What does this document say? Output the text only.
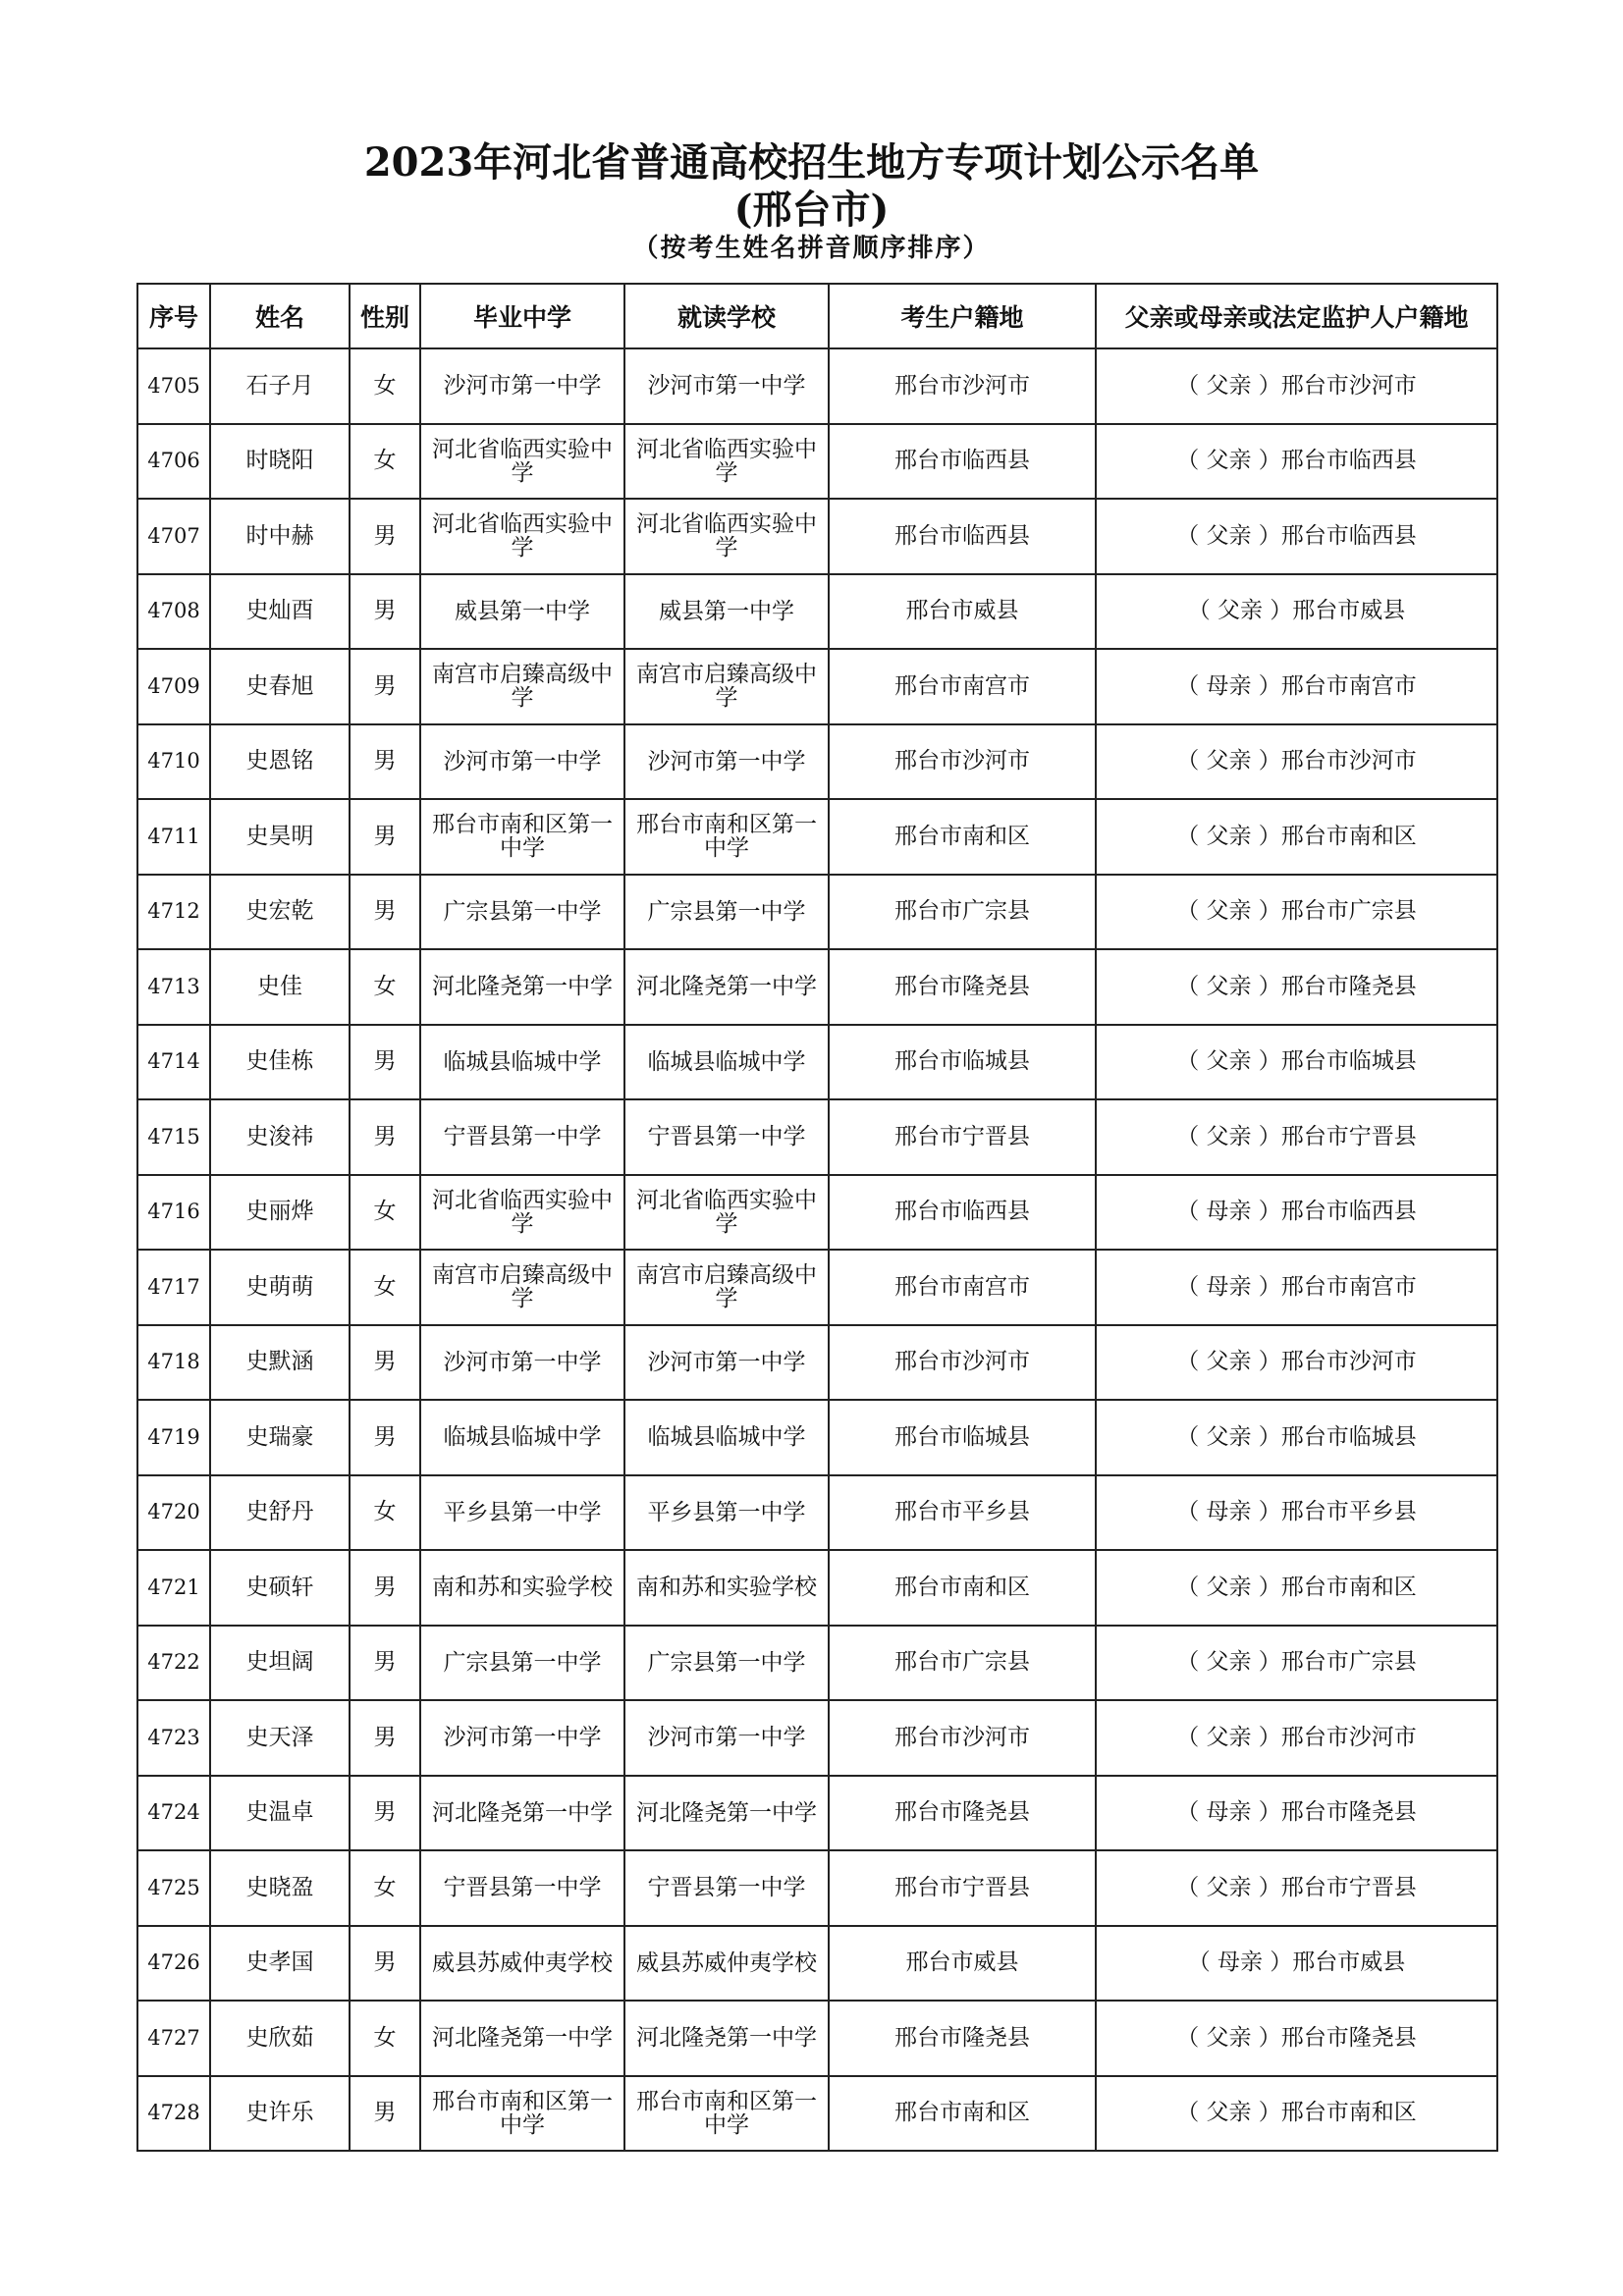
2023年河北省普通高校招生地方专项计划公示名单
(邢台市)
（按考生姓名拼音顺序排序）
序号	姓名	性别	毕业中学	就读学校	考生户籍地	父亲或母亲或法定监护人户籍地
4705	石子月	女	沙河市第一中学	沙河市第一中学	邢台市沙河市	（ 父亲 ）邢台市沙河市
4706	时晓阳	女	河北省临西实验中学	河北省临西实验中学	邢台市临西县	（ 父亲 ）邢台市临西县
4707	时中赫	男	河北省临西实验中学	河北省临西实验中学	邢台市临西县	（ 父亲 ）邢台市临西县
4708	史灿酉	男	威县第一中学	威县第一中学	邢台市威县	（ 父亲 ）邢台市威县
4709	史春旭	男	南宫市启臻高级中学	南宫市启臻高级中学	邢台市南宫市	（ 母亲 ）邢台市南宫市
4710	史恩铭	男	沙河市第一中学	沙河市第一中学	邢台市沙河市	（ 父亲 ）邢台市沙河市
4711	史昊明	男	邢台市南和区第一中学	邢台市南和区第一中学	邢台市南和区	（ 父亲 ）邢台市南和区
4712	史宏乾	男	广宗县第一中学	广宗县第一中学	邢台市广宗县	（ 父亲 ）邢台市广宗县
4713	史佳	女	河北隆尧第一中学	河北隆尧第一中学	邢台市隆尧县	（ 父亲 ）邢台市隆尧县
4714	史佳栋	男	临城县临城中学	临城县临城中学	邢台市临城县	（ 父亲 ）邢台市临城县
4715	史浚祎	男	宁晋县第一中学	宁晋县第一中学	邢台市宁晋县	（ 父亲 ）邢台市宁晋县
4716	史丽烨	女	河北省临西实验中学	河北省临西实验中学	邢台市临西县	（ 母亲 ）邢台市临西县
4717	史萌萌	女	南宫市启臻高级中学	南宫市启臻高级中学	邢台市南宫市	（ 母亲 ）邢台市南宫市
4718	史默涵	男	沙河市第一中学	沙河市第一中学	邢台市沙河市	（ 父亲 ）邢台市沙河市
4719	史瑞豪	男	临城县临城中学	临城县临城中学	邢台市临城县	（ 父亲 ）邢台市临城县
4720	史舒丹	女	平乡县第一中学	平乡县第一中学	邢台市平乡县	（ 母亲 ）邢台市平乡县
4721	史硕轩	男	南和苏和实验学校	南和苏和实验学校	邢台市南和区	（ 父亲 ）邢台市南和区
4722	史坦阔	男	广宗县第一中学	广宗县第一中学	邢台市广宗县	（ 父亲 ）邢台市广宗县
4723	史天泽	男	沙河市第一中学	沙河市第一中学	邢台市沙河市	（ 父亲 ）邢台市沙河市
4724	史温卓	男	河北隆尧第一中学	河北隆尧第一中学	邢台市隆尧县	（ 母亲 ）邢台市隆尧县
4725	史晓盈	女	宁晋县第一中学	宁晋县第一中学	邢台市宁晋县	（ 父亲 ）邢台市宁晋县
4726	史孝国	男	威县苏威仲夷学校	威县苏威仲夷学校	邢台市威县	（ 母亲 ）邢台市威县
4727	史欣茹	女	河北隆尧第一中学	河北隆尧第一中学	邢台市隆尧县	（ 父亲 ）邢台市隆尧县
4728	史许乐	男	邢台市南和区第一中学	邢台市南和区第一中学	邢台市南和区	（ 父亲 ）邢台市南和区
